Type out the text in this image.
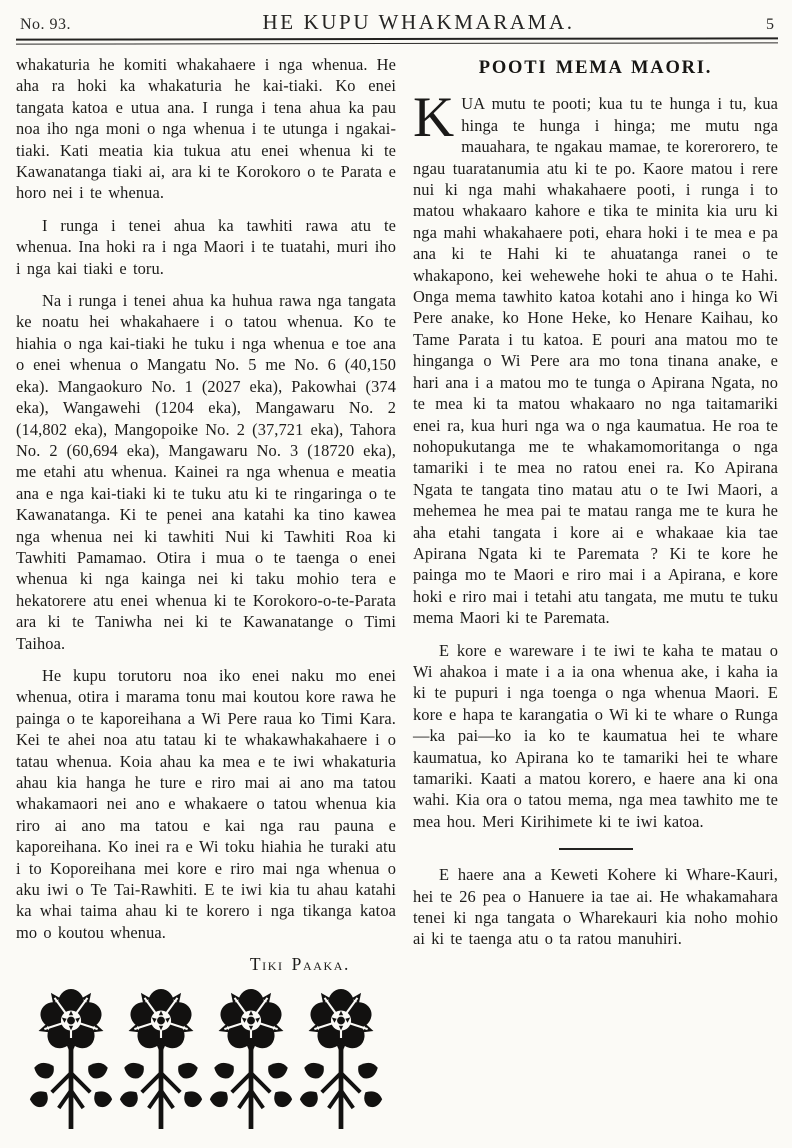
No. 93.	HE KUPU WHAKMARAMA.	5

whakaturia he komiti whakahaere i nga whenua. He aha ra hoki ka whakaturia he kai-tiaki. Ko enei tangata katoa e utua ana. I runga i tena ahua ka pau noa iho nga moni o nga whenua i te utunga i ngakai-tiaki. Kati meatia kia tukua atu enei whenua ki te Kawanatanga tiaki ai, ara ki te Korokoro o te Parata e horo nei i te whenua.

I runga i tenei ahua ka tawhiti rawa atu te whenua. Ina hoki ra i nga Maori i te tuatahi, muri iho i nga kai tiaki e toru.

Na i runga i tenei ahua ka huhua rawa nga tangata ke noatu hei whakahaere i o tatou whenua. Ko te hiahia o nga kai-tiaki he tuku i nga whenua e toe ana o enei whenua o Mangatu No. 5 me No. 6 (40,150 eka). Mangaokuro No. 1 (2027 eka), Pakowhai (374 eka), Wangawehi (1204 eka), Mangawaru No. 2 (14,802 eka), Mangopoike No. 2 (37,721 eka), Tahora No. 2 (60,694 eka), Mangawaru No. 3 (18720 eka), me etahi atu whenua. Kainei ra nga whenua e meatia ana e nga kai-tiaki ki te tuku atu ki te ringaringa o te Kawanatanga. Ki te penei ana katahi ka tino kawea nga whenua nei ki tawhiti Nui ki Tawhiti Roa ki Tawhiti Pamamao. Otira i mua o te taenga o enei whenua ki nga kainga nei ki taku mohio tera e hekatorere atu enei whenua ki te Korokoro-o-te-Parata ara ki te Taniwha nei ki te Kawanatange o Timi Taihoa.

He kupu torutoru noa iko enei naku mo enei whenua, otira i marama tonu mai koutou kore rawa he painga o te kaporeihana a Wi Pere raua ko Timi Kara. Kei te ahei noa atu tatau ki te whakawhakahaere i o tatau whenua. Koia ahau ka mea e te iwi whakaturia ahau kia hanga he ture e riro mai ai ano ma tatou whakamaori nei ano e whakaere o tatou whenua kia riro ai ano ma tatou e kai nga rau pauna e kaporeihana. Ko inei ra e Wi toku hiahia he turaki atu i to Koporeihana mei kore e riro mai nga whenua o aku iwi o Te Tai-Rawhiti. E te iwi kia tu ahau katahi ka whai taima ahau ki te korero i nga tikanga katoa mo o koutou whenua.

Tiki Paaka.
POOTI MEMA MAORI.

KUA mutu te pooti; kua tu te hunga i tu, kua hinga te hunga i hinga; me mutu nga mauahara, te ngakau mamae, te korerorero, te ngau tuaratanumia atu ki te po. Kaore matou i rere nui ki nga mahi whakahaere pooti, i runga i to matou whakaaro kahore e tika te minita kia uru ki nga mahi whakahaere poti, ehara hoki i te mea e pa ana ki te Hahi ki te ahuatanga ranei o te whakapono, kei wehewehe hoki te ahua o te Hahi. Onga mema tawhito katoa kotahi ano i hinga ko Wi Pere anake, ko Hone Heke, ko Henare Kaihau, ko Tame Parata i tu katoa. E pouri ana matou mo te hinganga o Wi Pere ara mo tona tinana anake, e hari ana i a matou mo te tunga o Apirana Ngata, no te mea ki ta matou whakaaro no nga taitamariki enei ra, kua huri nga wa o nga kaumatua. He roa te nohopukutanga me te whakamomoritanga o nga tamariki i te mea no ratou enei ra. Ko Apirana Ngata te tangata tino matau atu o te Iwi Maori, a mehemea he mea pai te matau ranga me te kura he aha etahi tangata i kore ai e whakaae kia tae Apirana Ngata ki te Paremata ? Ki te kore he painga mo te Maori e riro mai i a Apirana, e kore hoki e riro mai i tetahi atu tangata, me mutu te tuku mema Maori ki te Paremata.

E kore e wareware i te iwi te kaha te matau o Wi ahakoa i mate i a ia ona whenua ake, i kaha ia ki te pupuri i nga toenga o nga whenua Maori. E kore e hapa te karangatia o Wi ki te whare o Runga—ka pai—ko ia ko te kaumatua hei te whare kaumatua, ko Apirana ko te tamariki hei te whare tamariki. Kaati a matou korero, e haere ana ki ona wahi. Kia ora o tatou mema, nga mea tawhito me te mea hou. Meri Kirihimete ki te iwi katoa.

E haere ana a Keweti Kohere ki Whare-Kauri, hei te 26 pea o Hanuere ia tae ai. He whakamahara tenei ki nga tangata o Wharekauri kia noho mohio ai ki te taenga atu o ta ratou manuhiri.
